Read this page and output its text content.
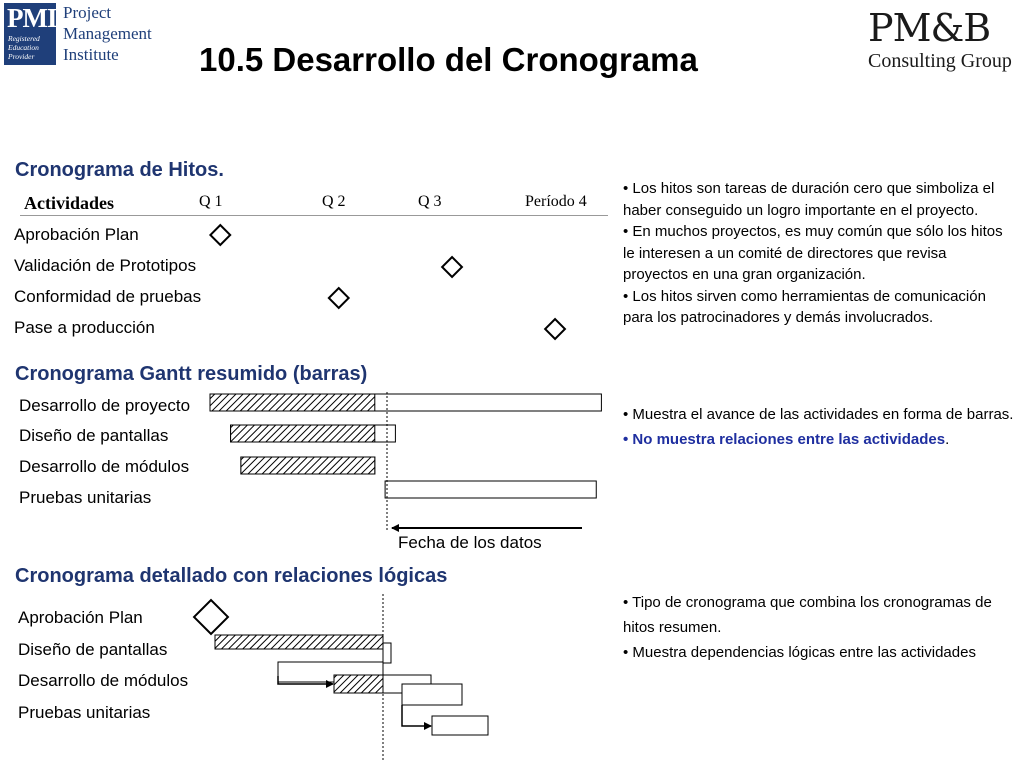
PMI
Registered
Education
Provider
Project
Management
Institute
PM&B
Consulting Group
10.5 Desarrollo del Cronograma
Cronograma de Hitos.
Actividades	Q 1	Q 2	Q 3	Período 4
Aprobación Plan
Validación de Prototipos
Conformidad de pruebas
Pase a producción
• Los hitos son tareas de duración cero que simboliza el haber conseguido un logro importante en el proyecto.
• En muchos proyectos, es muy común que sólo los hitos le interesen a un comité de directores que revisa proyectos en una gran organización.
• Los hitos sirven como herramientas de comunicación para los patrocinadores y demás involucrados.
Cronograma Gantt resumido (barras)
Desarrollo de proyecto
Diseño de pantallas
Desarrollo de módulos
Pruebas unitarias
Fecha de los datos
• Muestra el avance de las actividades en forma de barras.
• No muestra relaciones entre las actividades.
Cronograma detallado con relaciones lógicas
Aprobación Plan
Diseño de pantallas
Desarrollo de módulos
Pruebas unitarias
• Tipo de cronograma que combina los cronogramas de hitos resumen.
• Muestra dependencias lógicas entre las actividades
